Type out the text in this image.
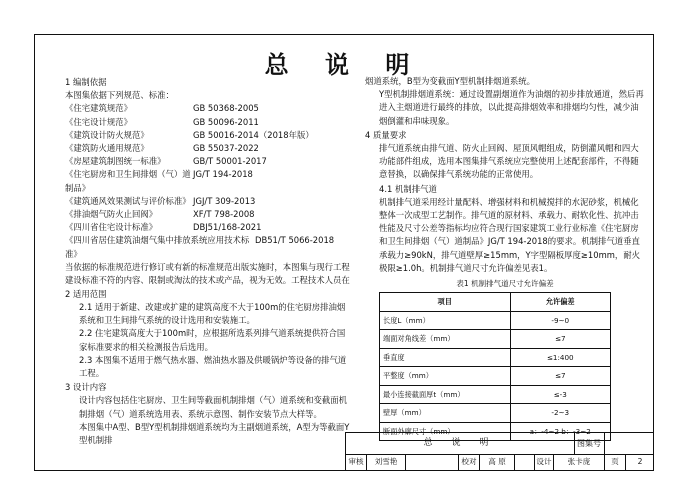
总 说 明
1 编制依据
本图集依据下列规范、标准：
《住宅建筑规范》	GB 50368-2005
《住宅设计规范》	GB 50096-2011
《建筑设计防火规范》	GB 50016-2014（2018年版）
《建筑防火通用规范》	GB 55037-2022
《房屋建筑制图统一标准》	GB/T 50001-2017
《住宅厨房和卫生间排烟（气）道制品》
JG/T 194-2018
《建筑通风效果测试与评价标准》 JGJ/T 309-2013
《排油烟气防火止回阀》	XF/T 798-2008
《四川省住宅设计标准》	DBJ51/168-2021
《四川省居住建筑油烟气集中排放系统应用技术标准》
DB51/T 5066-2018
当依据的标准规范进行修订或有新的标准规范出版实施时，本图集与现行工程建设标准不符的内容、限制或淘汰的技术或产品，视为无效。工程技术人员在
2 适用范围
2.1 适用于新建、改建或扩建的建筑高度不大于100m的住宅厨房排油烟系统和卫生间排气系统的设计选用和安装施工。
2.2 住宅建筑高度大于100m时，应根据所选系列排气道系统提供符合国家标准要求的相关检测报告后选用。
2.3 本图集不适用于燃气热水器、燃油热水器及供暖锅炉等设备的排气道工程。
3 设计内容
设计内容包括住宅厨房、卫生间等截面机制排烟（气）道系统和变截面机制排烟（气）道系统选用表、系统示意图、制作安装节点大样等。
本图集中A型、B型Y型机制排烟道系统均为主副烟道系统，A型为等截面Y型机制排
烟道系统，B型为变截面Y型机制排烟道系统。
Y型机制排烟道系统：通过设置副烟道作为油烟的初步排放通道，然后再进入主烟道进行最终的排放，以此提高排烟效率和排烟均匀性，减少油烟倒灌和串味现象。
4 质量要求
排气道系统由排气道、防火止回阀、屋顶风帽组成，防倒灌风帽和四大功能部件组成，选用本图集排气系统应完整使用上述配套部件，不得随意替换，以确保排气系统功能的正常使用。
4.1 机制排气道
机制排气道采用经计量配料、增强材料和机械搅拌的水泥砂浆，机械化整体一次成型工艺制作。排气道的原材料、承载力、耐软化性、抗冲击性能及尺寸公差等指标均应符合现行国家建筑工业行业标准《住宅厨房和卫生间排烟（气）道制品》JG/T 194-2018的要求。机制排气道垂直承载力≥90kN，排气道壁厚≥15mm，Y字型隔板厚度≥10mm，耐火极限≥1.0h。机制排气道尺寸允许偏差见表1。
表1 机制排气道尺寸允许偏差
项目	允许偏差
长度L（mm）	-9~0
端面对角线差（mm）	≤7
垂直度	≤1:400
平整度（mm）	≤7
最小连接截面厚t（mm）	≤-3
壁厚（mm）	-2~3
断面外廓尺寸（mm）	a：-4~2 b：-3~2
总 说 明	图集号
审核	刘雪艳	校对	高 原	设计	张卡庞	页	2
